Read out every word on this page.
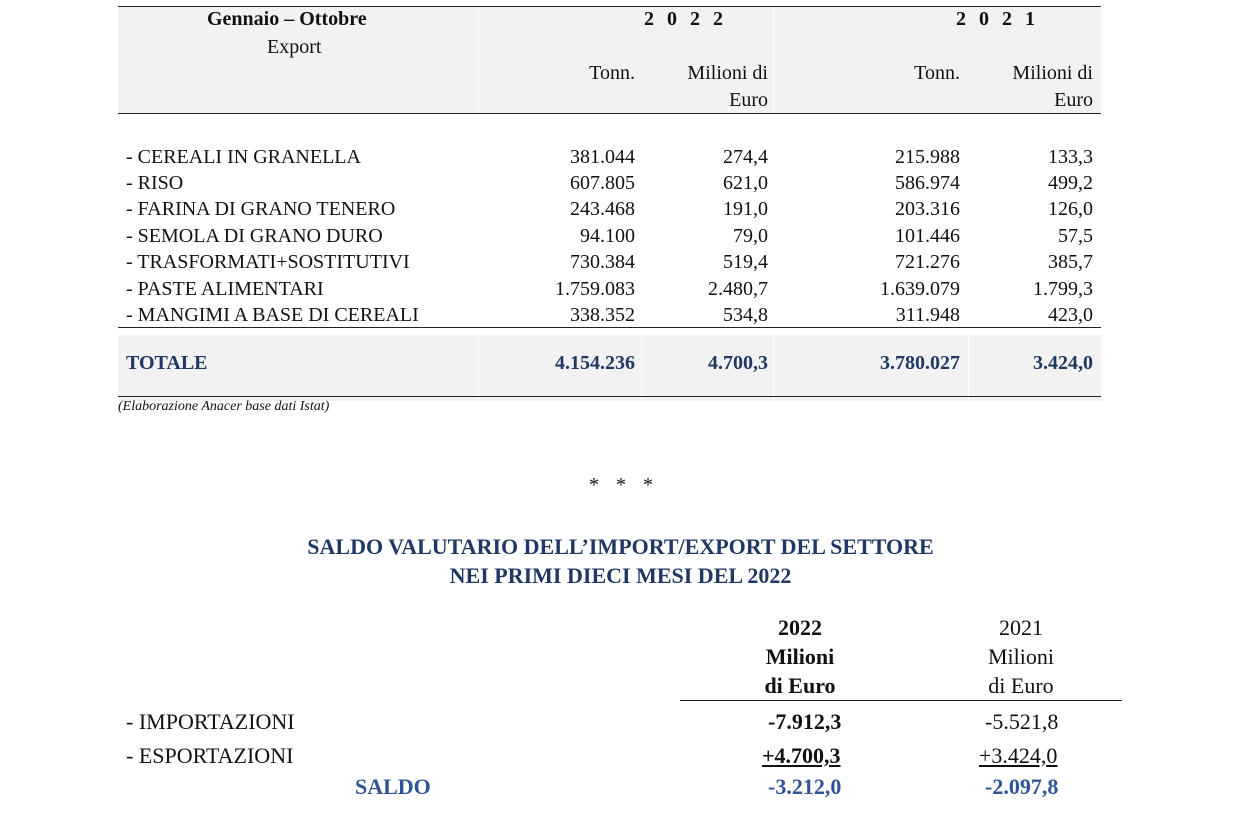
Gennaio – Ottobre
Export
2 0 2 2	2 0 2 1
Tonn.	Milioni di
Euro
Tonn.	Milioni di
Euro
- CEREALI IN GRANELLA	381.044	274,4	215.988	133,3
- RISO	607.805	621,0	586.974	499,2
- FARINA DI GRANO TENERO	243.468	191,0	203.316	126,0
- SEMOLA DI GRANO DURO	94.100	79,0	101.446	57,5
- TRASFORMATI+SOSTITUTIVI	730.384	519,4	721.276	385,7
- PASTE ALIMENTARI	1.759.083	2.480,7	1.639.079	1.799,3
- MANGIMI A BASE DI CEREALI	338.352	534,8	311.948	423,0
TOTALE	4.154.236	4.700,3	3.780.027	3.424,0
(Elaborazione Anacer base dati Istat)
* * *
SALDO VALUTARIO DELL’IMPORT/EXPORT DEL SETTORE
NEI PRIMI DIECI MESI DEL 2022
2022
Milioni
di Euro
2021
Milioni
di Euro
- IMPORTAZIONI	-7.912,3	-5.521,8
- ESPORTAZIONI	+4.700,3	+3.424,0
SALDO	-3.212,0	-2.097,8
